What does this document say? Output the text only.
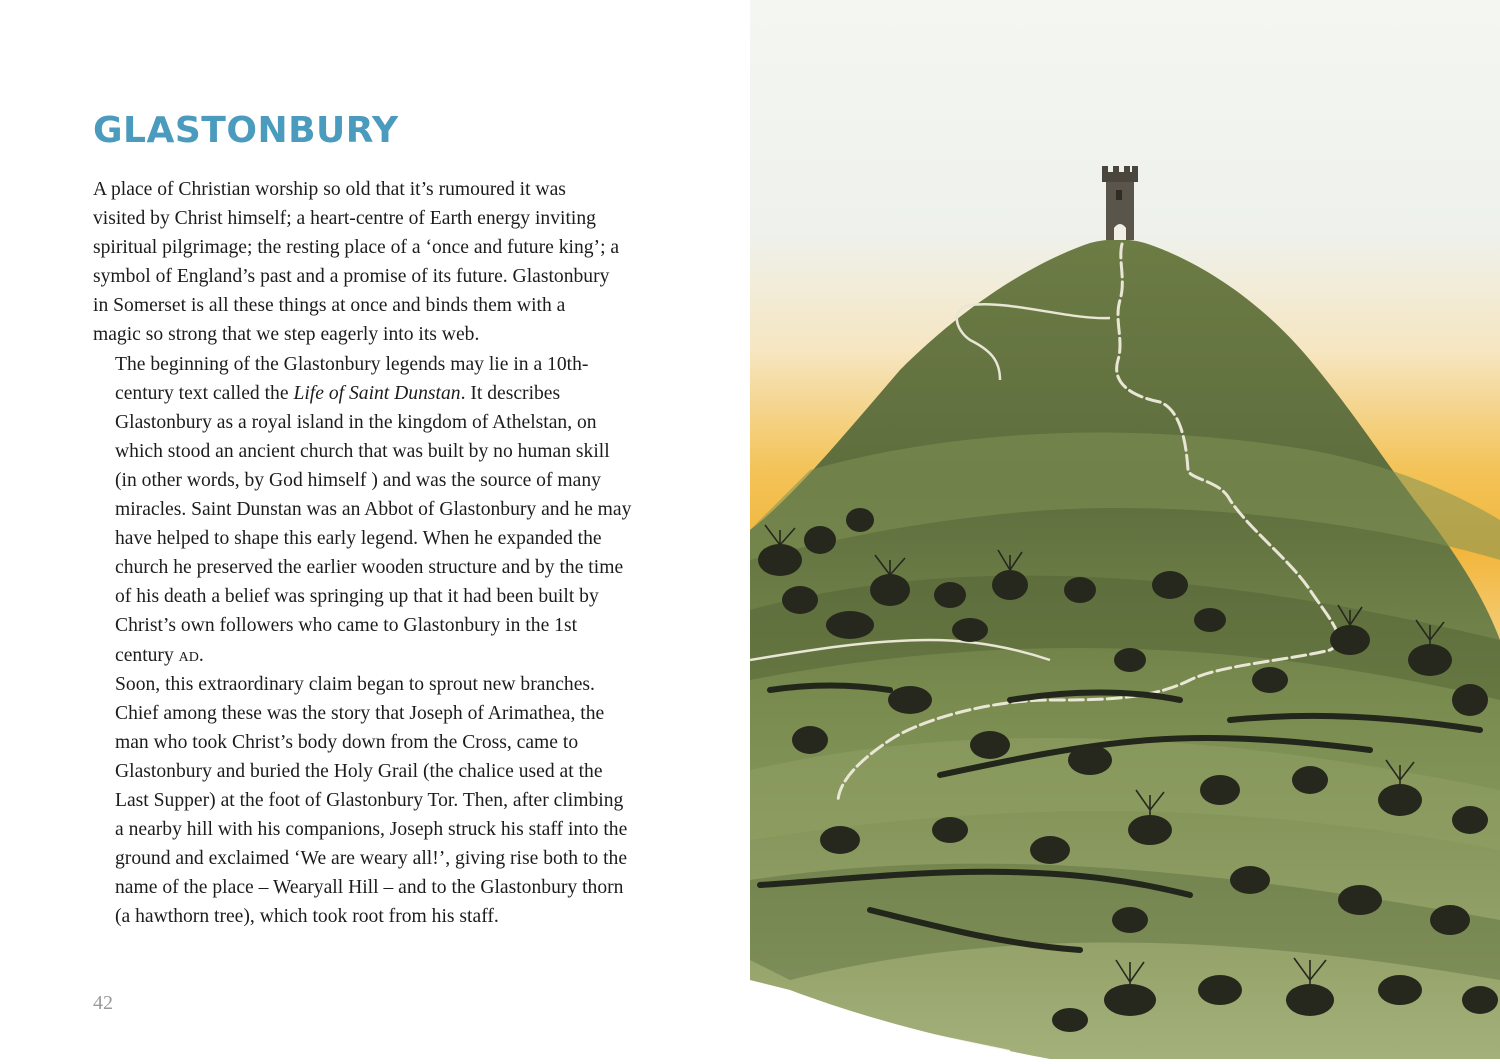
GLASTONBURY

A place of Christian worship so old that it’s rumoured it was
visited by Christ himself; a heart-centre of Earth energy inviting
spiritual pilgrimage; the resting place of a ‘once and future king’; a
symbol of England’s past and a promise of its future. Glastonbury
in Somerset is all these things at once and binds them with a
magic so strong that we step eagerly into its web.

The beginning of the Glastonbury legends may lie in a 10th-
century text called the Life of Saint Dunstan. It describes
Glastonbury as a royal island in the kingdom of Athelstan, on
which stood an ancient church that was built by no human skill
(in other words, by God himself ) and was the source of many
miracles. Saint Dunstan was an Abbot of Glastonbury and he may
have helped to shape this early legend. When he expanded the
church he preserved the earlier wooden structure and by the time
of his death a belief was springing up that it had been built by
Christ’s own followers who came to Glastonbury in the 1st
century ad.

Soon, this extraordinary claim began to sprout new branches.
Chief among these was the story that Joseph of Arimathea, the
man who took Christ’s body down from the Cross, came to
Glastonbury and buried the Holy Grail (the chalice used at the
Last Supper) at the foot of Glastonbury Tor. Then, after climbing
a nearby hill with his companions, Joseph struck his staff into the
ground and exclaimed ‘We are weary all!’, giving rise both to the
name of the place – Wearyall Hill – and to the Glastonbury thorn
(a hawthorn tree), which took root from his staff.

42
